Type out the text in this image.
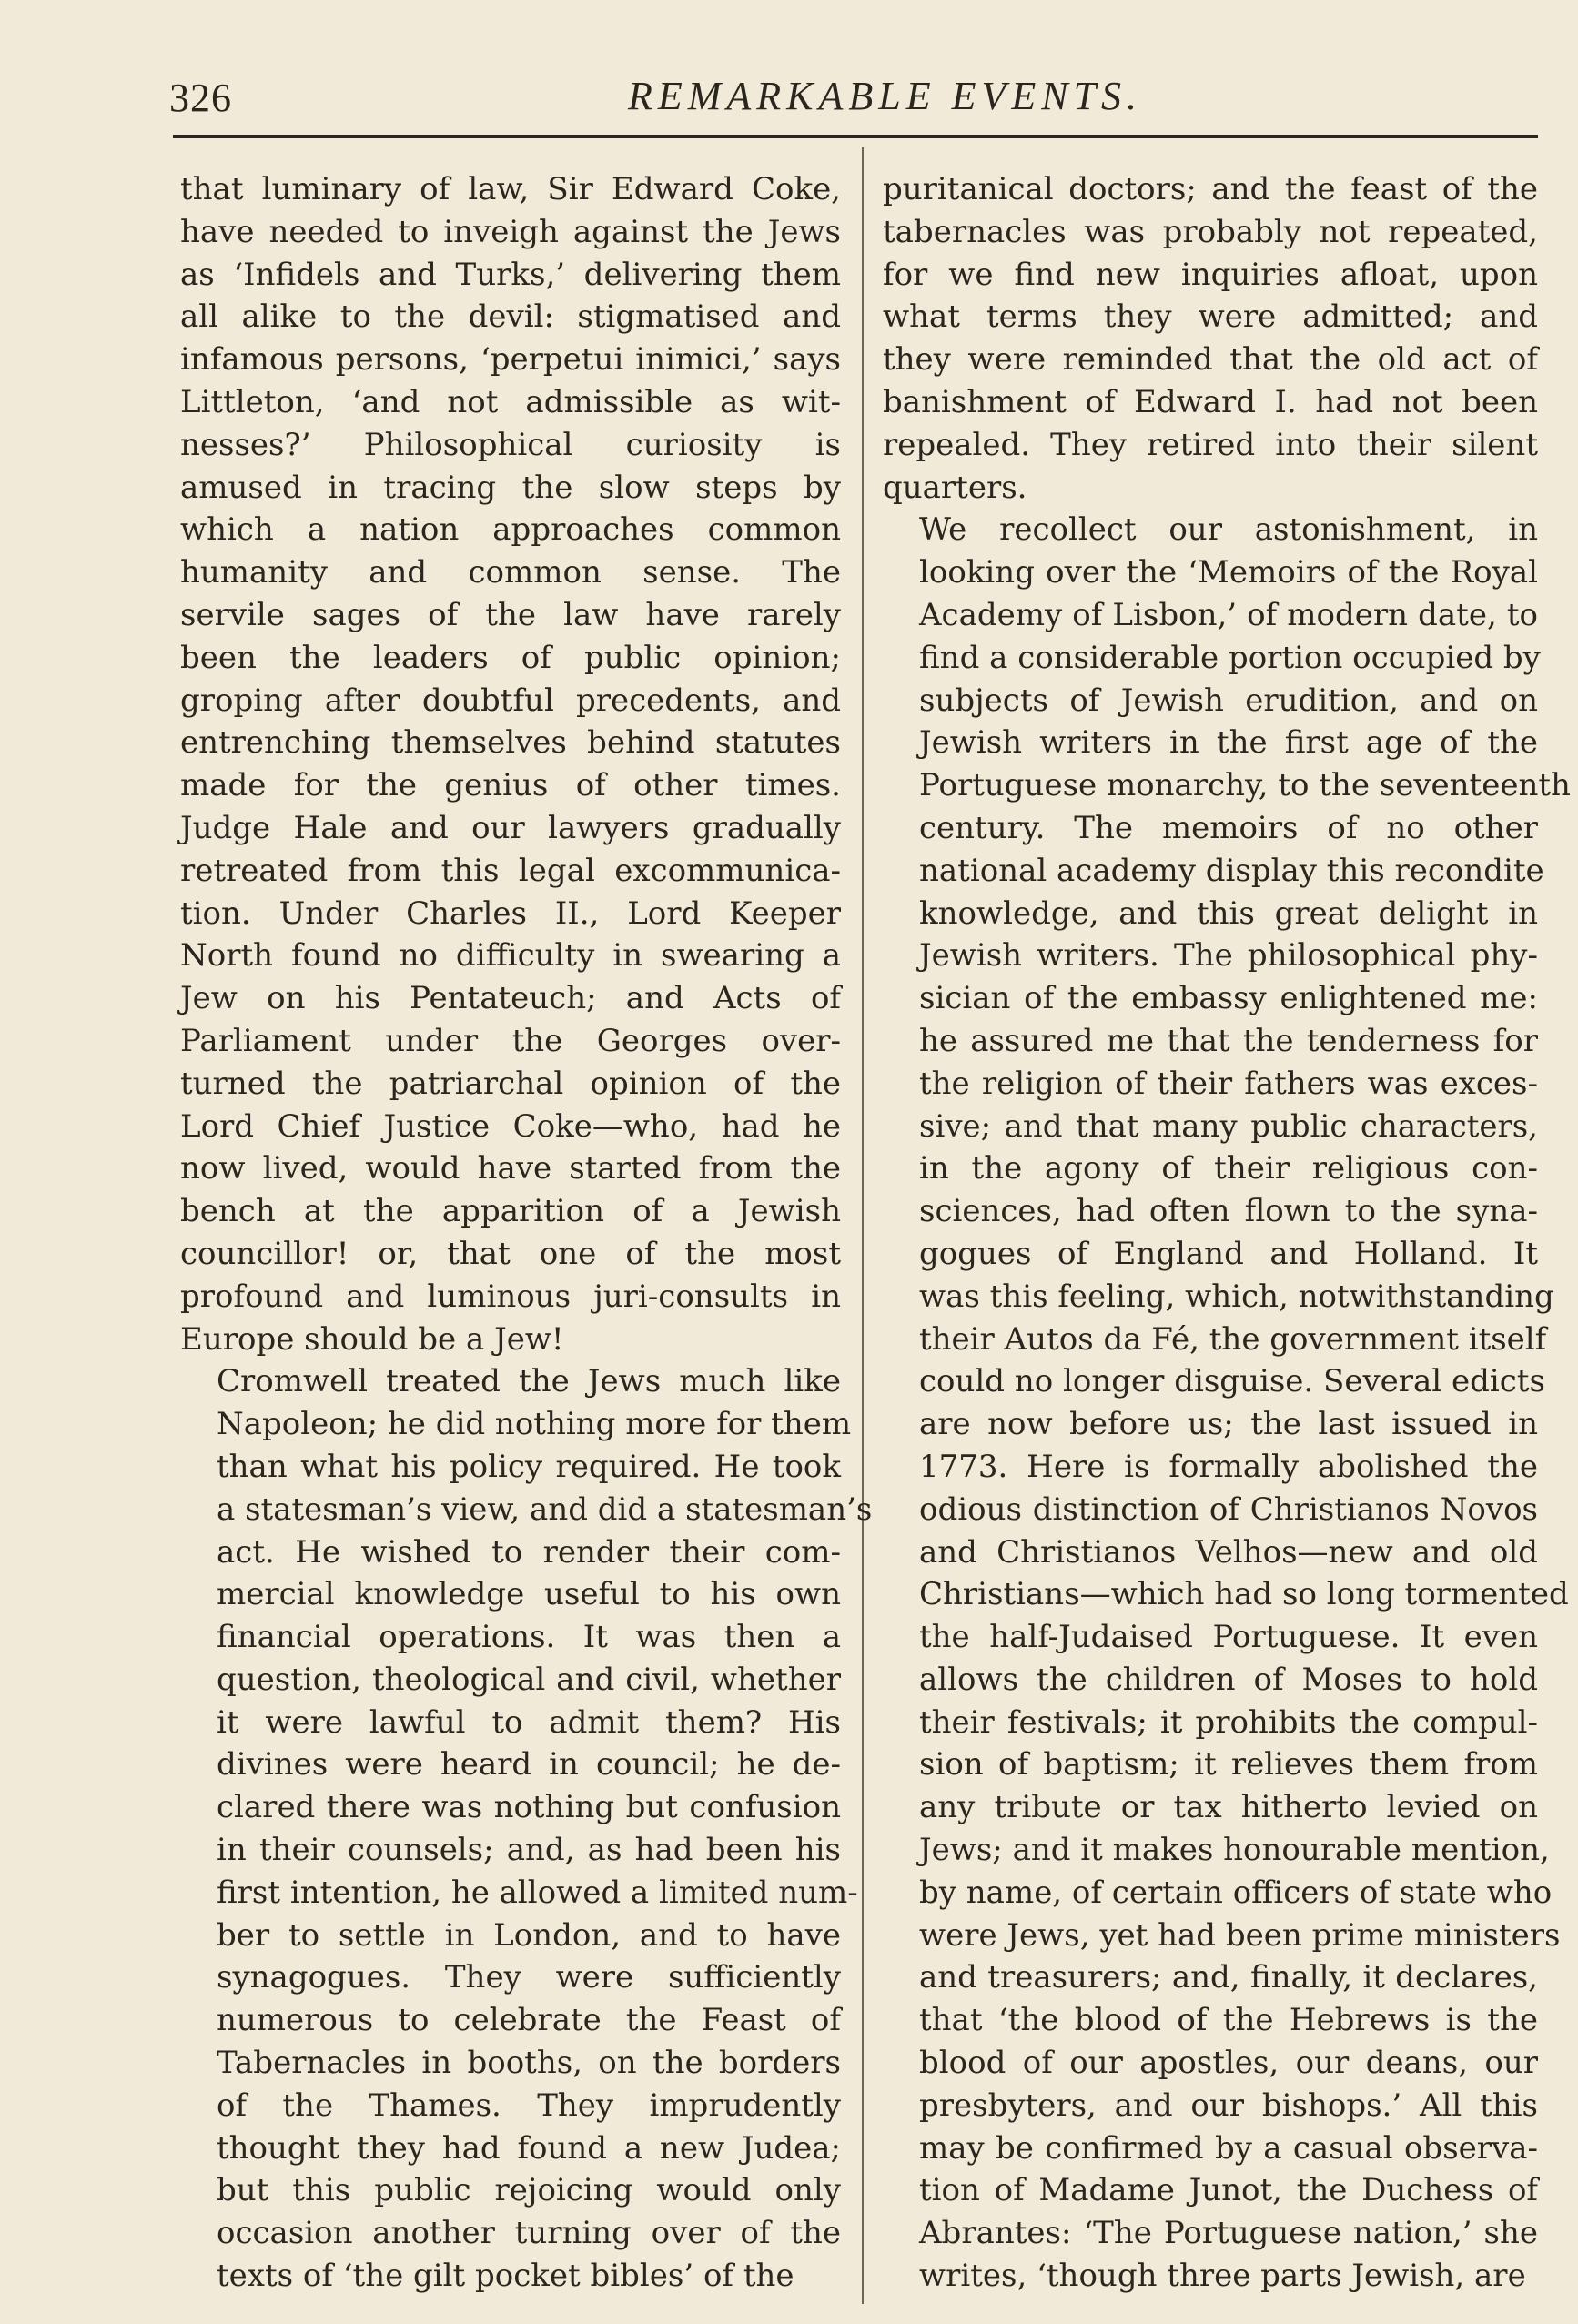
326	REMARKABLE EVENTS.

that luminary of law, Sir Edward Coke,
have needed to inveigh against the Jews
as ‘Infidels and Turks,’ delivering them
all alike to the devil: stigmatised and
infamous persons, ‘perpetui inimici,’ says
Littleton, ‘and not admissible as wit-
nesses?’ Philosophical curiosity is
amused in tracing the slow steps by
which a nation approaches common
humanity and common sense. The
servile sages of the law have rarely
been the leaders of public opinion;
groping after doubtful precedents, and
entrenching themselves behind statutes
made for the genius of other times.
Judge Hale and our lawyers gradually
retreated from this legal excommunica-
tion. Under Charles II., Lord Keeper
North found no difficulty in swearing a
Jew on his Pentateuch; and Acts of
Parliament under the Georges over-
turned the patriarchal opinion of the
Lord Chief Justice Coke—who, had he
now lived, would have started from the
bench at the apparition of a Jewish
councillor! or, that one of the most
profound and luminous juri-consults in
Europe should be a Jew!

Cromwell treated the Jews much like
Napoleon; he did nothing more for them
than what his policy required. He took
a statesman’s view, and did a statesman’s
act. He wished to render their com-
mercial knowledge useful to his own
financial operations. It was then a
question, theological and civil, whether
it were lawful to admit them? His
divines were heard in council; he de-
clared there was nothing but confusion
in their counsels; and, as had been his
first intention, he allowed a limited num-
ber to settle in London, and to have
synagogues. They were sufficiently
numerous to celebrate the Feast of
Tabernacles in booths, on the borders
of the Thames. They imprudently
thought they had found a new Judea;
but this public rejoicing would only
occasion another turning over of the
texts of ‘the gilt pocket bibles’ of the

puritanical doctors; and the feast of the
tabernacles was probably not repeated,
for we find new inquiries afloat, upon
what terms they were admitted; and
they were reminded that the old act of
banishment of Edward I. had not been
repealed. They retired into their silent
quarters.

We recollect our astonishment, in
looking over the ‘Memoirs of the Royal
Academy of Lisbon,’ of modern date, to
find a considerable portion occupied by
subjects of Jewish erudition, and on
Jewish writers in the first age of the
Portuguese monarchy, to the seventeenth
century. The memoirs of no other
national academy display this recondite
knowledge, and this great delight in
Jewish writers. The philosophical phy-
sician of the embassy enlightened me:
he assured me that the tenderness for
the religion of their fathers was exces-
sive; and that many public characters,
in the agony of their religious con-
sciences, had often flown to the syna-
gogues of England and Holland. It
was this feeling, which, notwithstanding
their Autos da Fé, the government itself
could no longer disguise. Several edicts
are now before us; the last issued in
1773. Here is formally abolished the
odious distinction of Christianos Novos
and Christianos Velhos—new and old
Christians—which had so long tormented
the half-Judaised Portuguese. It even
allows the children of Moses to hold
their festivals; it prohibits the compul-
sion of baptism; it relieves them from
any tribute or tax hitherto levied on
Jews; and it makes honourable mention,
by name, of certain officers of state who
were Jews, yet had been prime ministers
and treasurers; and, finally, it declares,
that ‘the blood of the Hebrews is the
blood of our apostles, our deans, our
presbyters, and our bishops.’ All this
may be confirmed by a casual observa-
tion of Madame Junot, the Duchess of
Abrantes: ‘The Portuguese nation,’ she
writes, ‘though three parts Jewish, are
